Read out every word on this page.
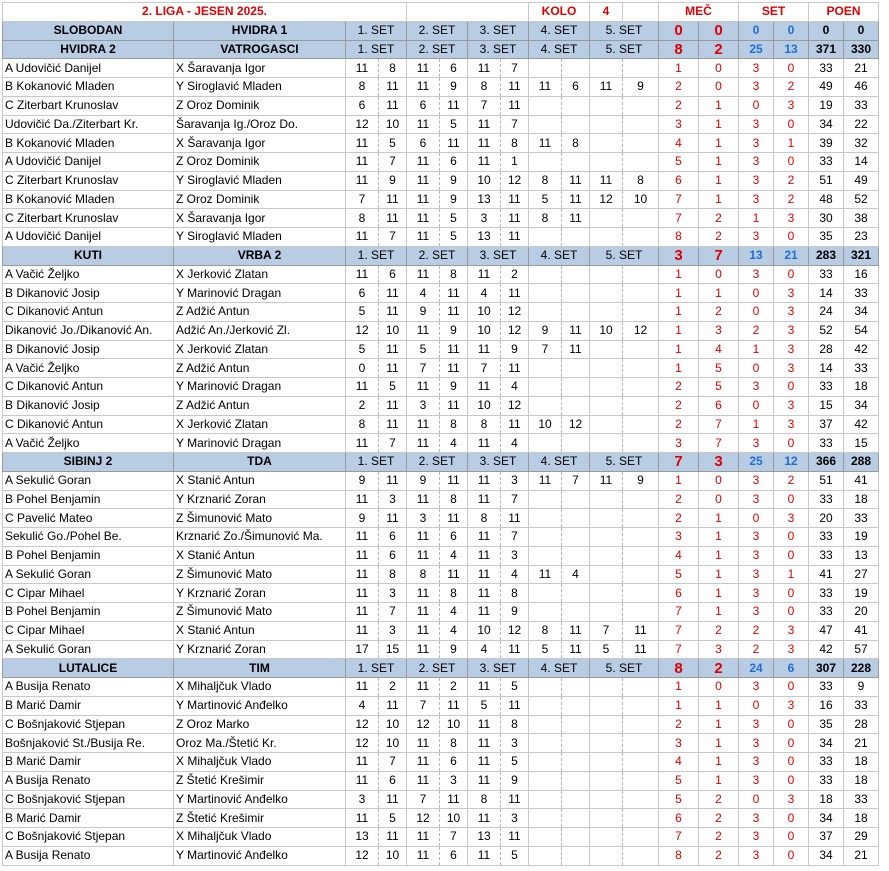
2. LIGA - JESEN 2025.								KOLO		4		MEČ		SET		POEN	
SLOBODAN	HVIDRA 1	1. SET		2. SET		3. SET		4. SET		5. SET		0	0	0	0	0	0
HVIDRA 2	VATROGASCI	1. SET		2. SET		3. SET		4. SET		5. SET		8	2	25	13	371	330
A Udovičić Danijel	X Šaravanja Igor	11	8	11	6	11	7					1	0	3	0	33	21
B Kokanović Mladen	Y Siroglavić Mladen	8	11	11	9	8	11	11	6	11	9	2	0	3	2	49	46
C Ziterbart Krunoslav	Z Oroz Dominik	6	11	6	11	7	11					2	1	0	3	19	33
Udovičić Da./Ziterbart Kr.	Šaravanja Ig./Oroz Do.	12	10	11	5	11	7					3	1	3	0	34	22
B Kokanović Mladen	X Šaravanja Igor	11	5	6	11	11	8	11	8			4	1	3	1	39	32
A Udovičić Danijel	Z Oroz Dominik	11	7	11	6	11	1					5	1	3	0	33	14
C Ziterbart Krunoslav	Y Siroglavić Mladen	11	9	11	9	10	12	8	11	11	8	6	1	3	2	51	49
B Kokanović Mladen	Z Oroz Dominik	7	11	11	9	13	11	5	11	12	10	7	1	3	2	48	52
C Ziterbart Krunoslav	X Šaravanja Igor	8	11	11	5	3	11	8	11			7	2	1	3	30	38
A Udovičić Danijel	Y Siroglavić Mladen	11	7	11	5	13	11					8	2	3	0	35	23
KUTI	VRBA 2	1. SET		2. SET		3. SET		4. SET		5. SET		3	7	13	21	283	321
A Vačić Željko	X Jerković Zlatan	11	6	11	8	11	2					1	0	3	0	33	16
B Dikanović Josip	Y Marinović Dragan	6	11	4	11	4	11					1	1	0	3	14	33
C Dikanović Antun	Z Adžić Antun	5	11	9	11	10	12					1	2	0	3	24	34
Dikanović Jo./Dikanović An.	Adžić An./Jerković Zl.	12	10	11	9	10	12	9	11	10	12	1	3	2	3	52	54
B Dikanović Josip	X Jerković Zlatan	5	11	5	11	11	9	7	11			1	4	1	3	28	42
A Vačić Željko	Z Adžić Antun	0	11	7	11	7	11					1	5	0	3	14	33
C Dikanović Antun	Y Marinović Dragan	11	5	11	9	11	4					2	5	3	0	33	18
B Dikanović Josip	Z Adžić Antun	2	11	3	11	10	12					2	6	0	3	15	34
C Dikanović Antun	X Jerković Zlatan	8	11	11	8	8	11	10	12			2	7	1	3	37	42
A Vačić Željko	Y Marinović Dragan	11	7	11	4	11	4					3	7	3	0	33	15
SIBINJ 2	TDA	1. SET		2. SET		3. SET		4. SET		5. SET		7	3	25	12	366	288
A Sekulić Goran	X Stanić Antun	9	11	9	11	11	3	11	7	11	9	1	0	3	2	51	41
B Pohel Benjamin	Y Krznarić Zoran	11	3	11	8	11	7					2	0	3	0	33	18
C Pavelić Mateo	Z Šimunović Mato	9	11	3	11	8	11					2	1	0	3	20	33
Sekulić Go./Pohel Be.	Krznarić Zo./Šimunović Ma.	11	6	11	6	11	7					3	1	3	0	33	19
B Pohel Benjamin	X Stanić Antun	11	6	11	4	11	3					4	1	3	0	33	13
A Sekulić Goran	Z Šimunović Mato	11	8	8	11	11	4	11	4			5	1	3	1	41	27
C Cipar Mihael	Y Krznarić Zoran	11	3	11	8	11	8					6	1	3	0	33	19
B Pohel Benjamin	Z Šimunović Mato	11	7	11	4	11	9					7	1	3	0	33	20
C Cipar Mihael	X Stanić Antun	11	3	11	4	10	12	8	11	7	11	7	2	2	3	47	41
A Sekulić Goran	Y Krznarić Zoran	17	15	11	9	4	11	5	11	5	11	7	3	2	3	42	57
LUTALICE	TIM	1. SET		2. SET		3. SET		4. SET		5. SET		8	2	24	6	307	228
A Busija Renato	X Mihaljčuk Vlado	11	2	11	2	11	5					1	0	3	0	33	9
B Marić Damir	Y Martinović Anđelko	4	11	7	11	5	11					1	1	0	3	16	33
C Bošnjaković Stjepan	Z Oroz Marko	12	10	12	10	11	8					2	1	3	0	35	28
Bošnjaković St./Busija Re.	Oroz Ma./Štetić Kr.	12	10	11	8	11	3					3	1	3	0	34	21
B Marić Damir	X Mihaljčuk Vlado	11	7	11	6	11	5					4	1	3	0	33	18
A Busija Renato	Z Štetić Krešimir	11	6	11	3	11	9					5	1	3	0	33	18
C Bošnjaković Stjepan	Y Martinović Anđelko	3	11	7	11	8	11					5	2	0	3	18	33
B Marić Damir	Z Štetić Krešimir	11	5	12	10	11	3					6	2	3	0	34	18
C Bošnjaković Stjepan	X Mihaljčuk Vlado	13	11	11	7	13	11					7	2	3	0	37	29
A Busija Renato	Y Martinović Anđelko	12	10	11	6	11	5					8	2	3	0	34	21
